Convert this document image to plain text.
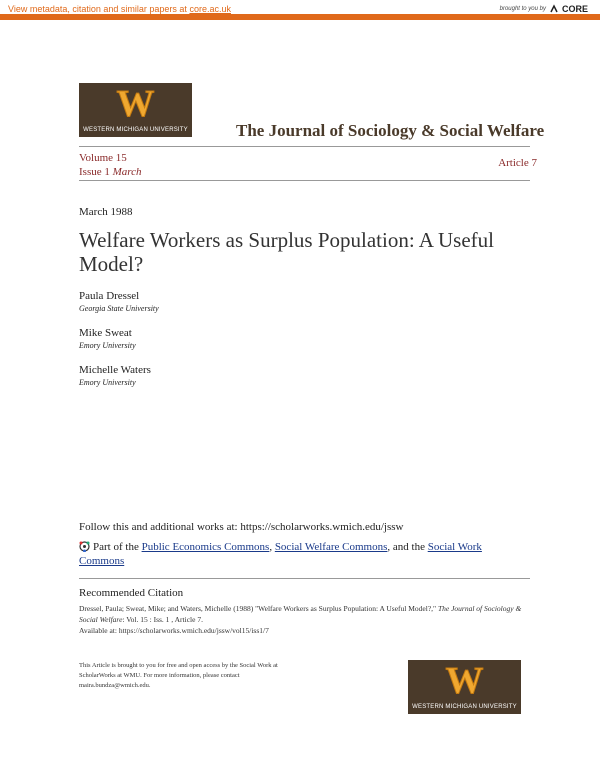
View metadata, citation and similar papers at core.ac.uk	brought to you by CORE
provided by ScholarWorks at WMU
W
WESTERN MICHIGAN UNIVERSITY	The Journal of Sociology & Social Welfare
Volume 15
Issue 1 March
Article 7
March 1988
Welfare Workers as Surplus Population: A Useful Model?
Paula Dressel
Georgia State University
Mike Sweat
Emory University
Michelle Waters
Emory University
Follow this and additional works at: https://scholarworks.wmich.edu/jssw
Part of the Public Economics Commons, Social Welfare Commons, and the Social Work Commons
Recommended Citation
Dressel, Paula; Sweat, Mike; and Waters, Michelle (1988) "Welfare Workers as Surplus Population: A Useful Model?," The Journal of Sociology & Social Welfare: Vol. 15 : Iss. 1 , Article 7.
Available at: https://scholarworks.wmich.edu/jssw/vol15/iss1/7
This Article is brought to you for free and open access by the Social Work at
ScholarWorks at WMU. For more information, please contact
maira.bundza@wmich.edu.	W
WESTERN MICHIGAN UNIVERSITY
